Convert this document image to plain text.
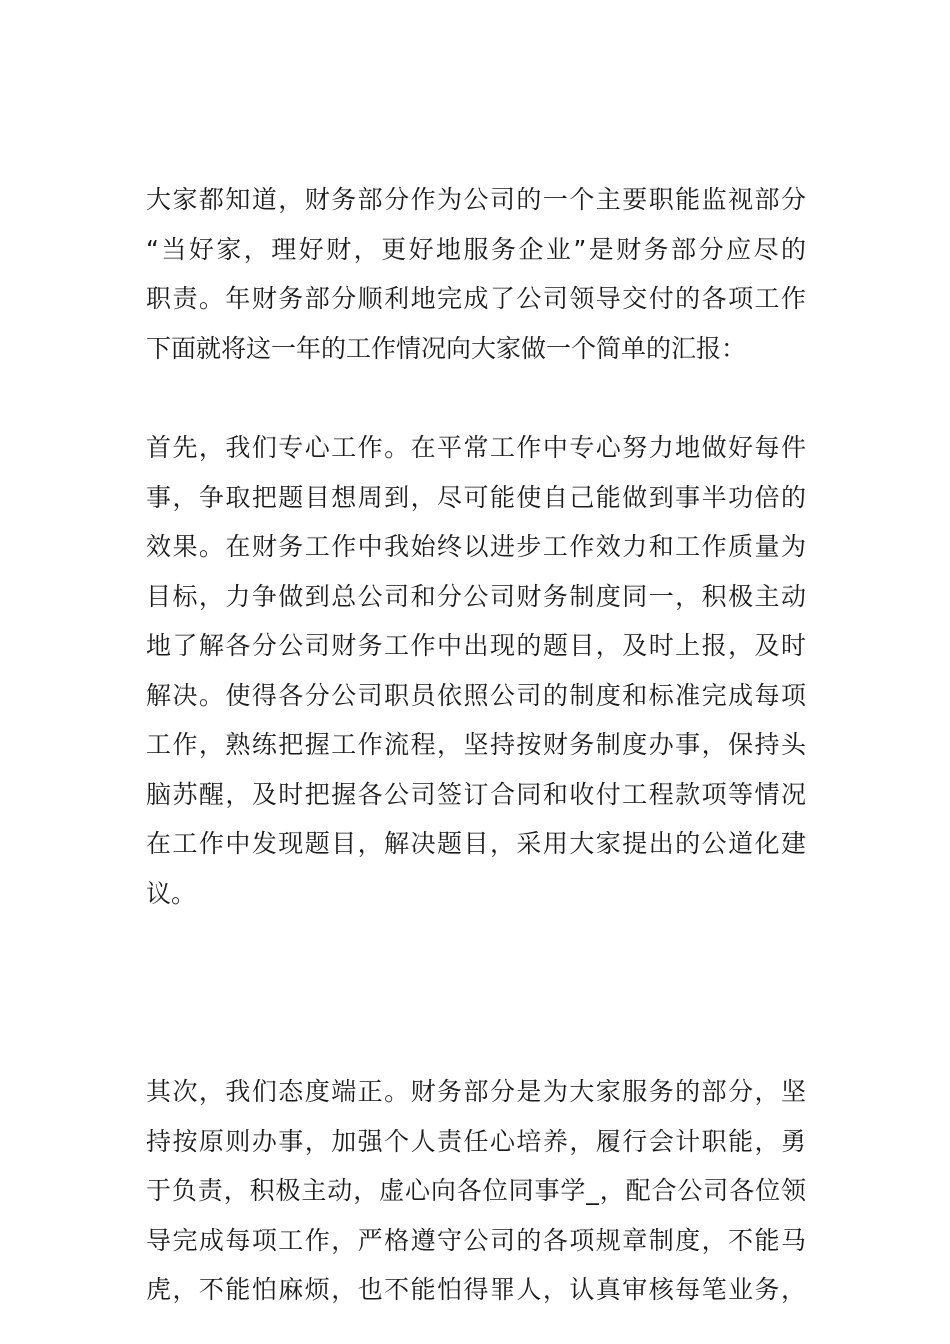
大家都知道，财务部分作为公司的一个主要职能监视部分
“当好家，理好财，更好地服务企业”是财务部分应尽的
职责。年财务部分顺利地完成了公司领导交付的各项工作
下面就将这一年的工作情况向大家做一个简单的汇报：
首先，我们专心工作。在平常工作中专心努力地做好每件
事，争取把题目想周到，尽可能使自己能做到事半功倍的
效果。在财务工作中我始终以进步工作效力和工作质量为
目标，力争做到总公司和分公司财务制度同一，积极主动
地了解各分公司财务工作中出现的题目，及时上报，及时
解决。使得各分公司职员依照公司的制度和标准完成每项
工作，熟练把握工作流程，坚持按财务制度办事，保持头
脑苏醒，及时把握各公司签订合同和收付工程款项等情况
在工作中发现题目，解决题目，采用大家提出的公道化建
议。
其次，我们态度端正。财务部分是为大家服务的部分，坚
持按原则办事，加强个人责任心培养，履行会计职能，勇
于负责，积极主动，虚心向各位同事学_，配合公司各位领
导完成每项工作，严格遵守公司的各项规章制度，不能马
虎，不能怕麻烦，也不能怕得罪人，认真审核每笔业务，
